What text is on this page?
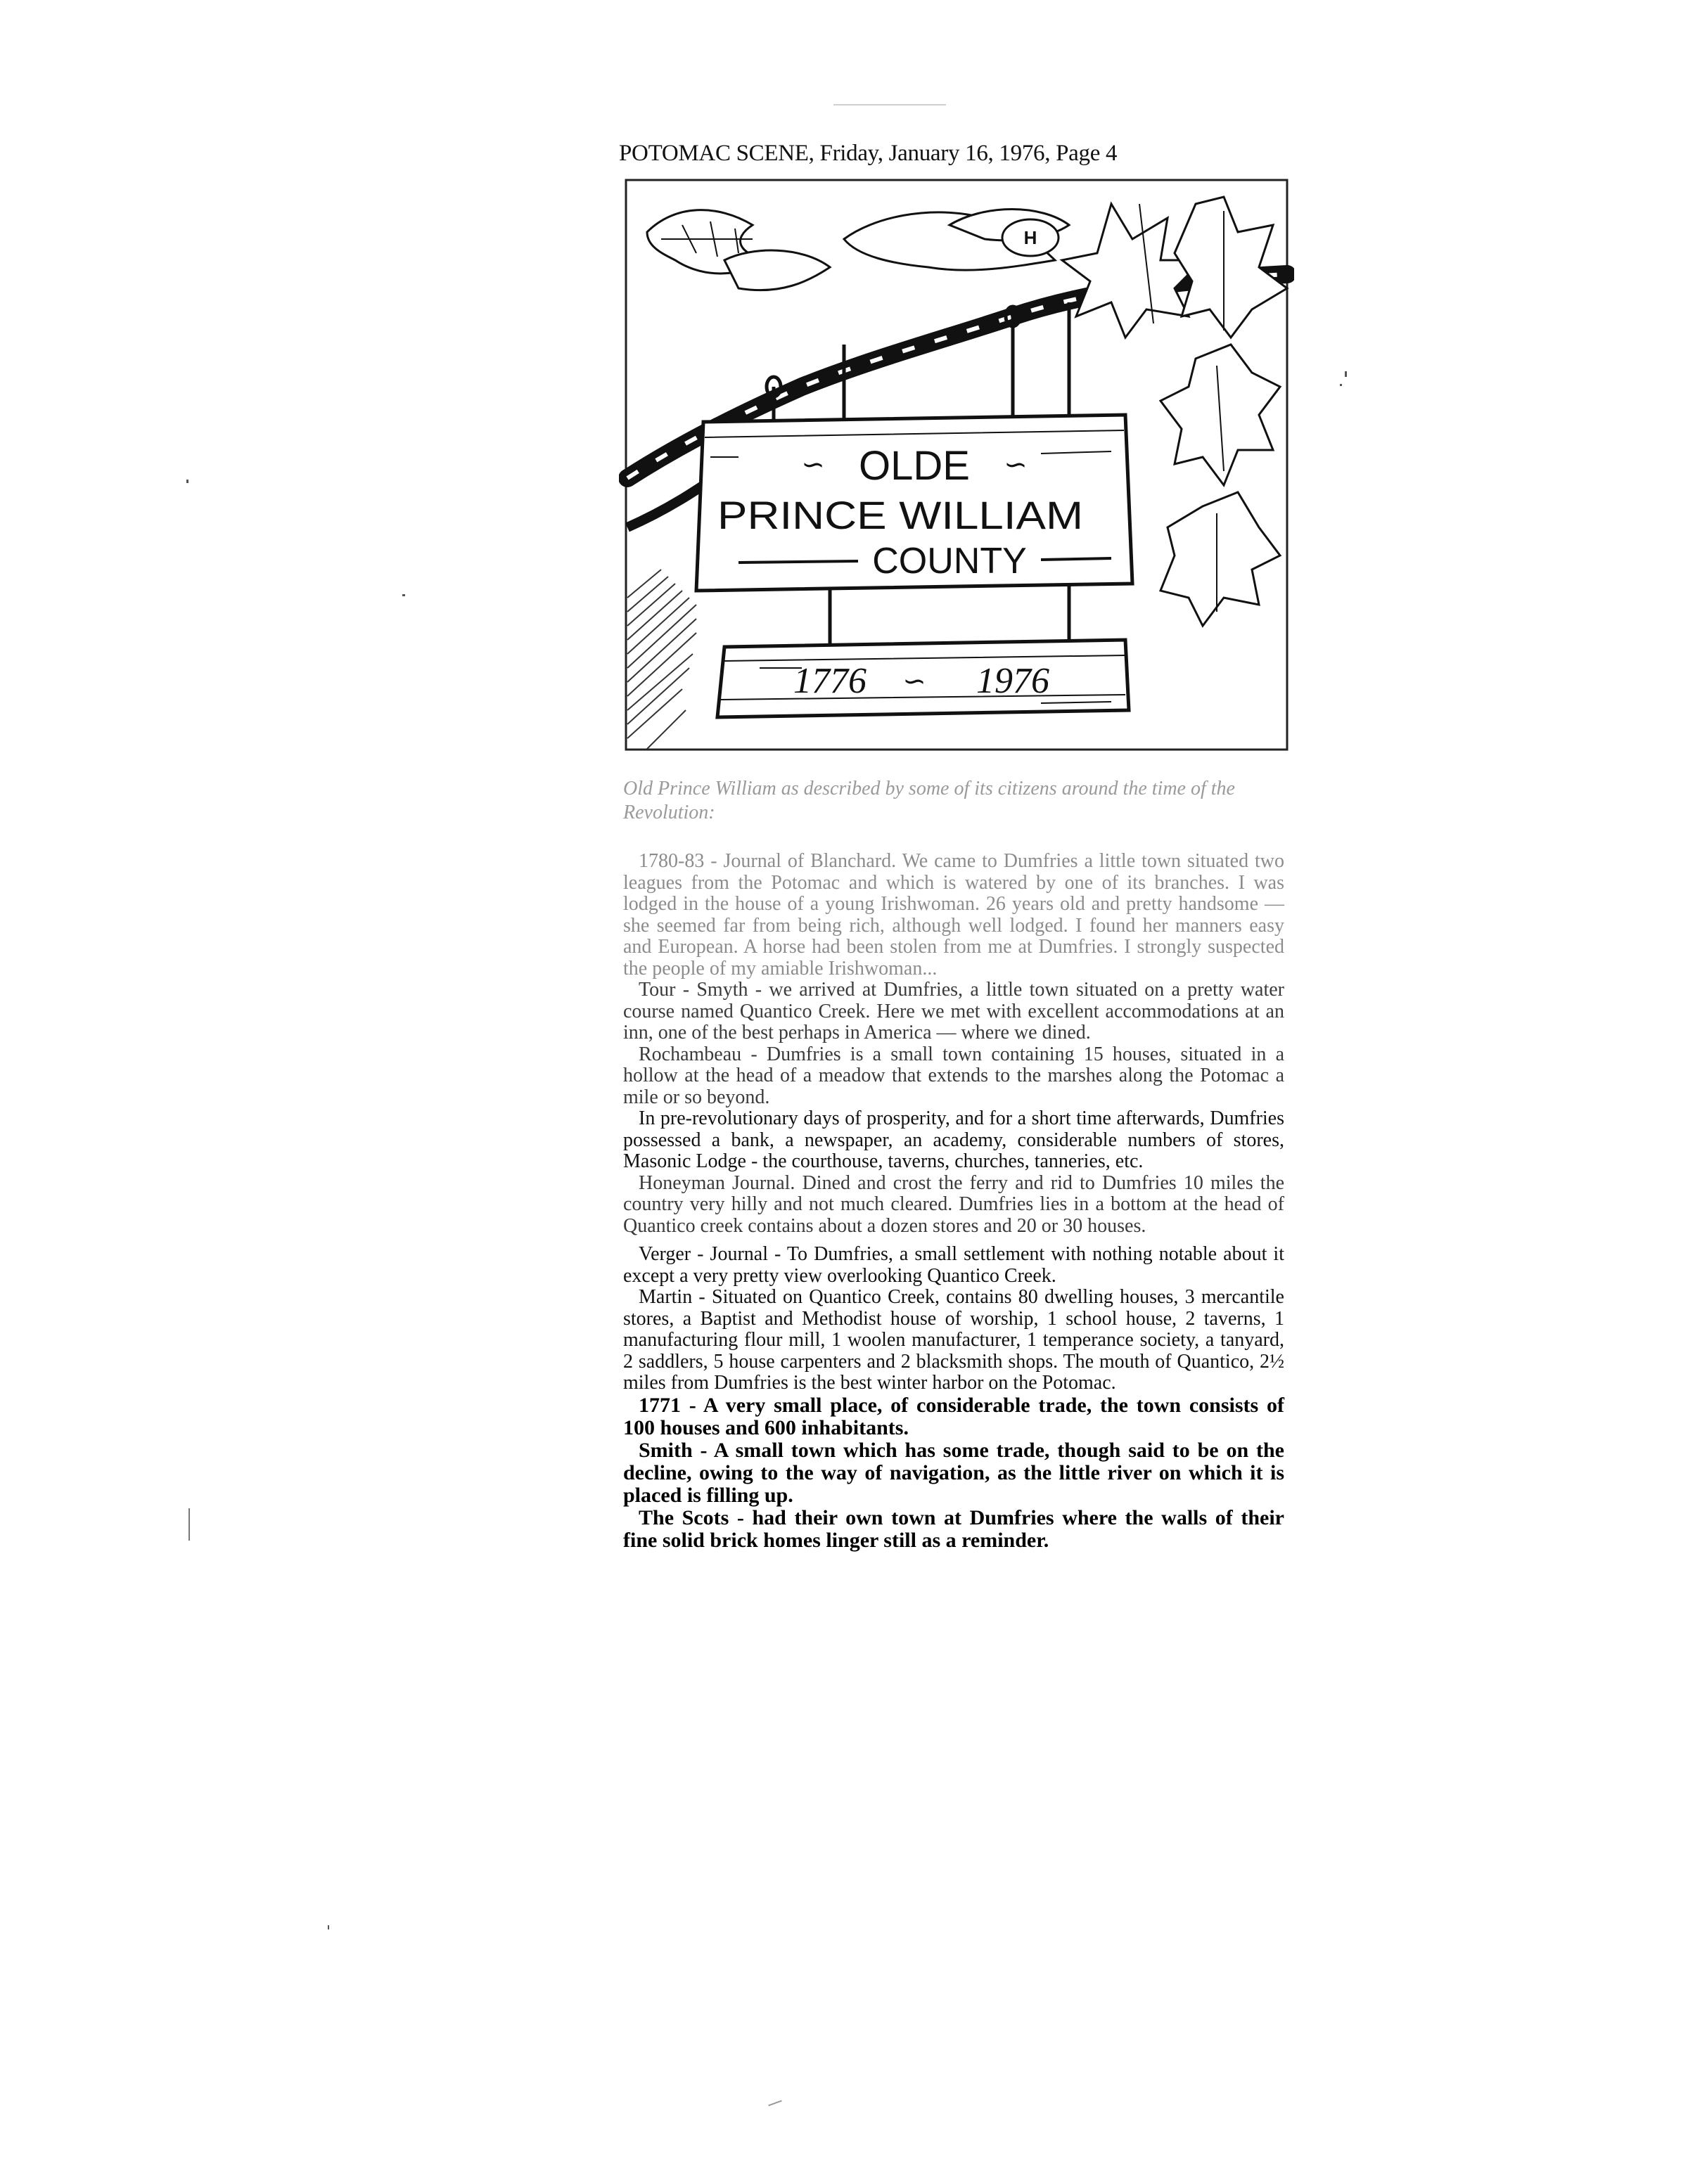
POTOMAC SCENE, Friday, January 16, 1976, Page 4
H
OLDE
∽	∽
PRINCE WILLIAM
COUNTY
1776 ∽ 1976
Old Prince William as described by some of its citizens around the time of the Revolution:

1780-83 - Journal of Blanchard. We came to Dumfries a little town situated two leagues from the Potomac and which is watered by one of its branches. I was lodged in the house of a young Irishwoman. 26 years old and pretty handsome — she seemed far from being rich, although well lodged. I found her manners easy and European. A horse had been stolen from me at Dumfries. I strongly suspected the people of my amiable Irishwoman...

Tour - Smyth - we arrived at Dumfries, a little town situated on a pretty water course named Quantico Creek. Here we met with excellent accommodations at an inn, one of the best perhaps in America — where we dined.

Rochambeau - Dumfries is a small town containing 15 houses, situated in a hollow at the head of a meadow that extends to the marshes along the Potomac a mile or so beyond.

In pre-revolutionary days of prosperity, and for a short time afterwards, Dumfries possessed a bank, a newspaper, an academy, considerable numbers of stores, Masonic Lodge - the courthouse, taverns, churches, tanneries, etc.

Honeyman Journal. Dined and crost the ferry and rid to Dumfries 10 miles the country very hilly and not much cleared. Dumfries lies in a bottom at the head of Quantico creek contains about a dozen stores and 20 or 30 houses.

Verger - Journal - To Dumfries, a small settlement with nothing notable about it except a very pretty view overlooking Quantico Creek.

Martin - Situated on Quantico Creek, contains 80 dwelling houses, 3 mercantile stores, a Baptist and Methodist house of worship, 1 school house, 2 taverns, 1 manufacturing flour mill, 1 woolen manufacturer, 1 temperance society, a tanyard, 2 saddlers, 5 house carpenters and 2 blacksmith shops. The mouth of Quantico, 2½ miles from Dumfries is the best winter harbor on the Potomac.

1771 - A very small place, of considerable trade, the town consists of 100 houses and 600 inhabitants.

Smith - A small town which has some trade, though said to be on the decline, owing to the way of navigation, as the little river on which it is placed is filling up.

The Scots - had their own town at Dumfries where the walls of their fine solid brick homes linger still as a reminder.
